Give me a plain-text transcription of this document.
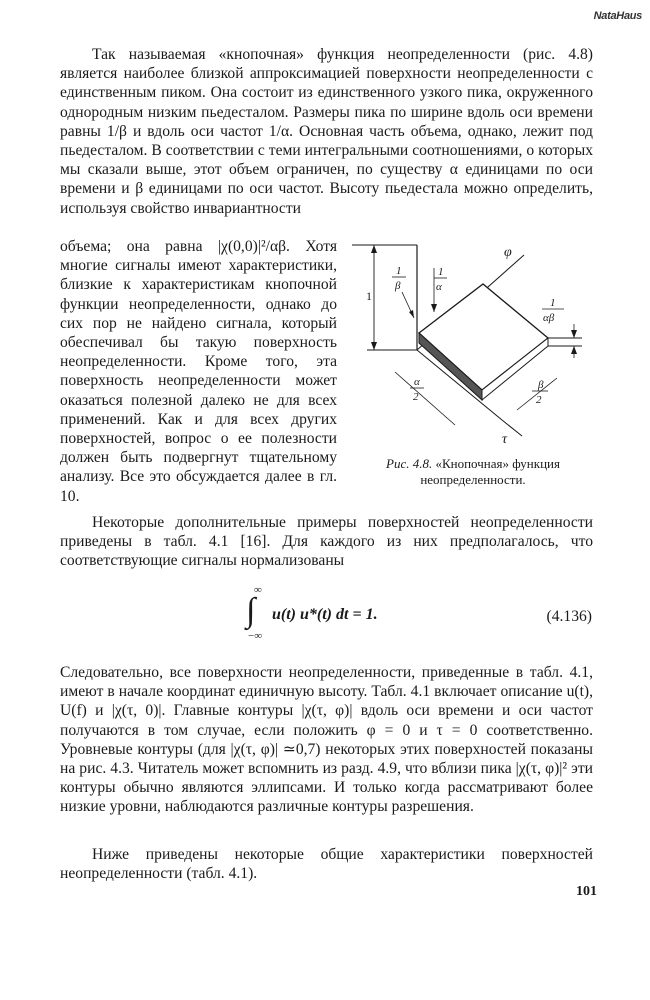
NataHaus

Так называемая «кнопочная» функция неопределенности (рис. 4.8) является наиболее близкой аппроксимацией поверхности неопределенности с единственным пиком. Она состоит из единственного узкого пика, окруженного однородным низким пьедесталом. Размеры пика по ширине вдоль оси времени равны 1/β и вдоль оси частот 1/α. Основная часть объема, однако, лежит под пьедесталом. В соответствии с теми интегральными соотношениями, о которых мы сказали выше, этот объем ограничен, по существу α единицами по оси времени и β единицами по оси частот. Высоту пьедестала можно определить, используя свойство инвариантности

объема; она равна |χ(0,0)|²/αβ. Хотя многие сигналы имеют характеристики, близкие к характеристикам кнопочной функции неопределенности, однако до сих пор не найдено сигнала, который обеспечивал бы такую поверхность неопределенности. Кроме того, эта поверхность неопределенности может оказаться полезной далеко не для всех применений. Как и для всех других поверхностей, вопрос о ее полезности должен быть подвергнут тщательному анализу. Все это обсуждается далее в гл. 10.

φ
1
1
β
1
α
τ
1
αβ
α
2
β
2
Рис. 4.8. «Кнопочная» функция неопределенности.

Некоторые дополнительные примеры поверхностей неопределенности приведены в табл. 4.1 [16]. Для каждого из них предполагалось, что соответствующие сигналы нормализованы

∞
∫
−∞
u(t) u*(t) dt = 1.	(4.136)

Следовательно, все поверхности неопределенности, приведенные в табл. 4.1, имеют в начале координат единичную высоту. Табл. 4.1 включает описание u(t), U(f) и |χ(τ, 0)|. Главные контуры |χ(τ, φ)| вдоль оси времени и оси частот получаются в том случае, если положить φ = 0 и τ = 0 соответственно. Уровневые контуры (для |χ(τ, φ)| ≃0,7) некоторых этих поверхностей показаны на рис. 4.3. Читатель может вспомнить из разд. 4.9, что вблизи пика |χ(τ, φ)|² эти контуры обычно являются эллипсами. И только когда рассматривают более низкие уровни, наблюдаются различные контуры разрешения.

Ниже приведены некоторые общие характеристики поверхностей неопределенности (табл. 4.1).

101
